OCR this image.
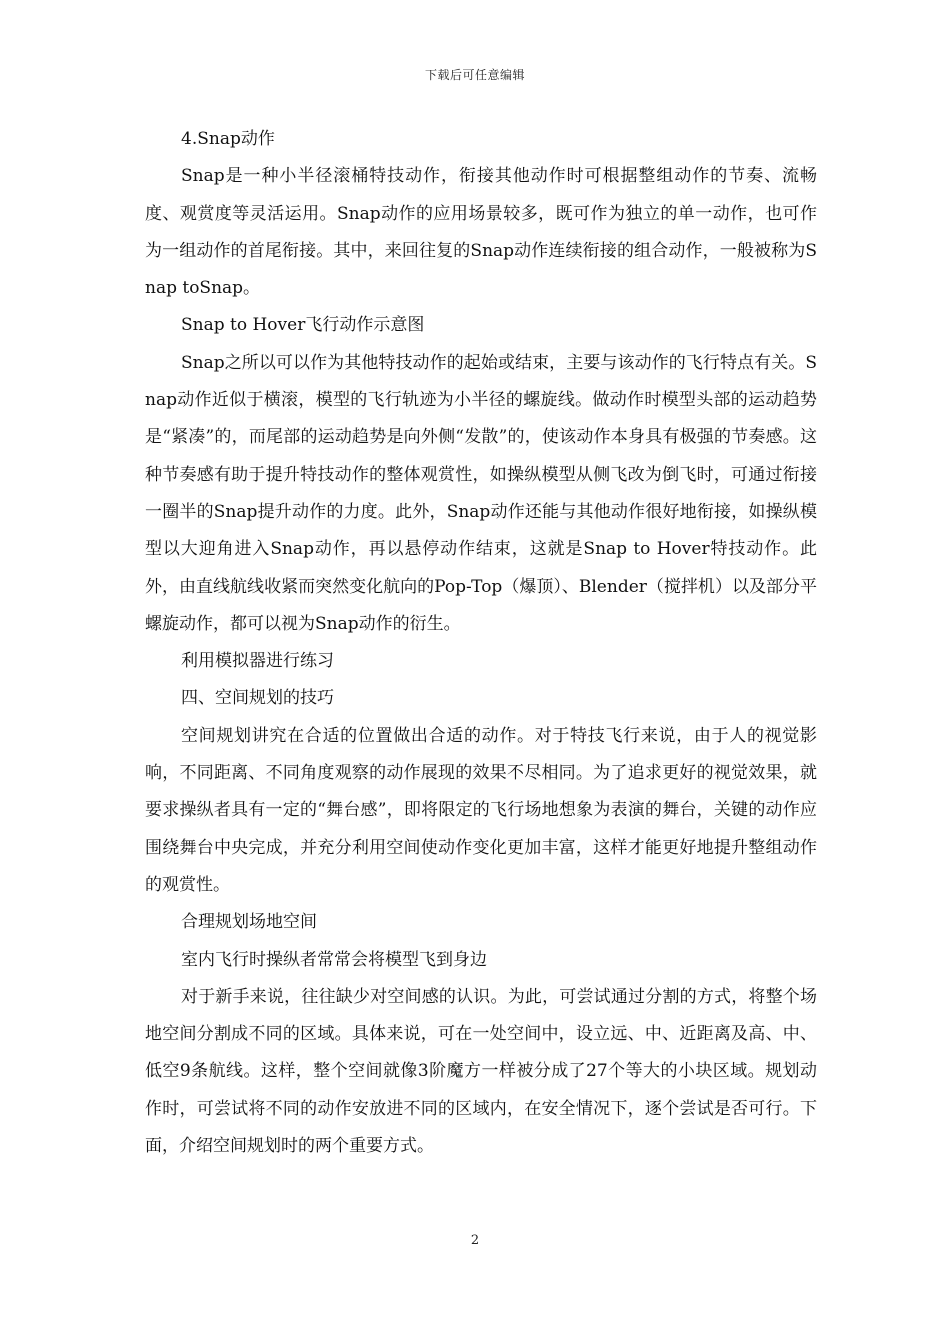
下载后可任意编辑

4.Snap动作

Snap是一种小半径滚桶特技动作，衔接其他动作时可根据整组动作的节奏、流畅度、观赏度等灵活运用。Snap动作的应用场景较多，既可作为独立的单一动作，也可作为一组动作的首尾衔接。其中，来回往复的Snap动作连续衔接的组合动作，一般被称为Snap toSnap。

Snap to Hover飞行动作示意图

Snap之所以可以作为其他特技动作的起始或结束，主要与该动作的飞行特点有关。Snap动作近似于横滚，模型的飞行轨迹为小半径的螺旋线。做动作时模型头部的运动趋势是“紧凑”的，而尾部的运动趋势是向外侧“发散”的，使该动作本身具有极强的节奏感。这种节奏感有助于提升特技动作的整体观赏性，如操纵模型从侧飞改为倒飞时，可通过衔接一圈半的Snap提升动作的力度。此外，Snap动作还能与其他动作很好地衔接，如操纵模型以大迎角进入Snap动作，再以悬停动作结束，这就是Snap to Hover特技动作。此外，由直线航线收紧而突然变化航向的Pop-Top（爆顶）、Blender（搅拌机）以及部分平螺旋动作，都可以视为Snap动作的衍生。

利用模拟器进行练习

四、空间规划的技巧

空间规划讲究在合适的位置做出合适的动作。对于特技飞行来说，由于人的视觉影响，不同距离、不同角度观察的动作展现的效果不尽相同。为了追求更好的视觉效果，就要求操纵者具有一定的“舞台感”，即将限定的飞行场地想象为表演的舞台，关键的动作应围绕舞台中央完成，并充分利用空间使动作变化更加丰富，这样才能更好地提升整组动作的观赏性。

合理规划场地空间

室内飞行时操纵者常常会将模型飞到身边

对于新手来说，往往缺少对空间感的认识。为此，可尝试通过分割的方式，将整个场地空间分割成不同的区域。具体来说，可在一处空间中，设立远、中、近距离及高、中、低空9条航线。这样，整个空间就像3阶魔方一样被分成了27个等大的小块区域。规划动作时，可尝试将不同的动作安放进不同的区域内，在安全情况下，逐个尝试是否可行。下面，介绍空间规划时的两个重要方式。

2
